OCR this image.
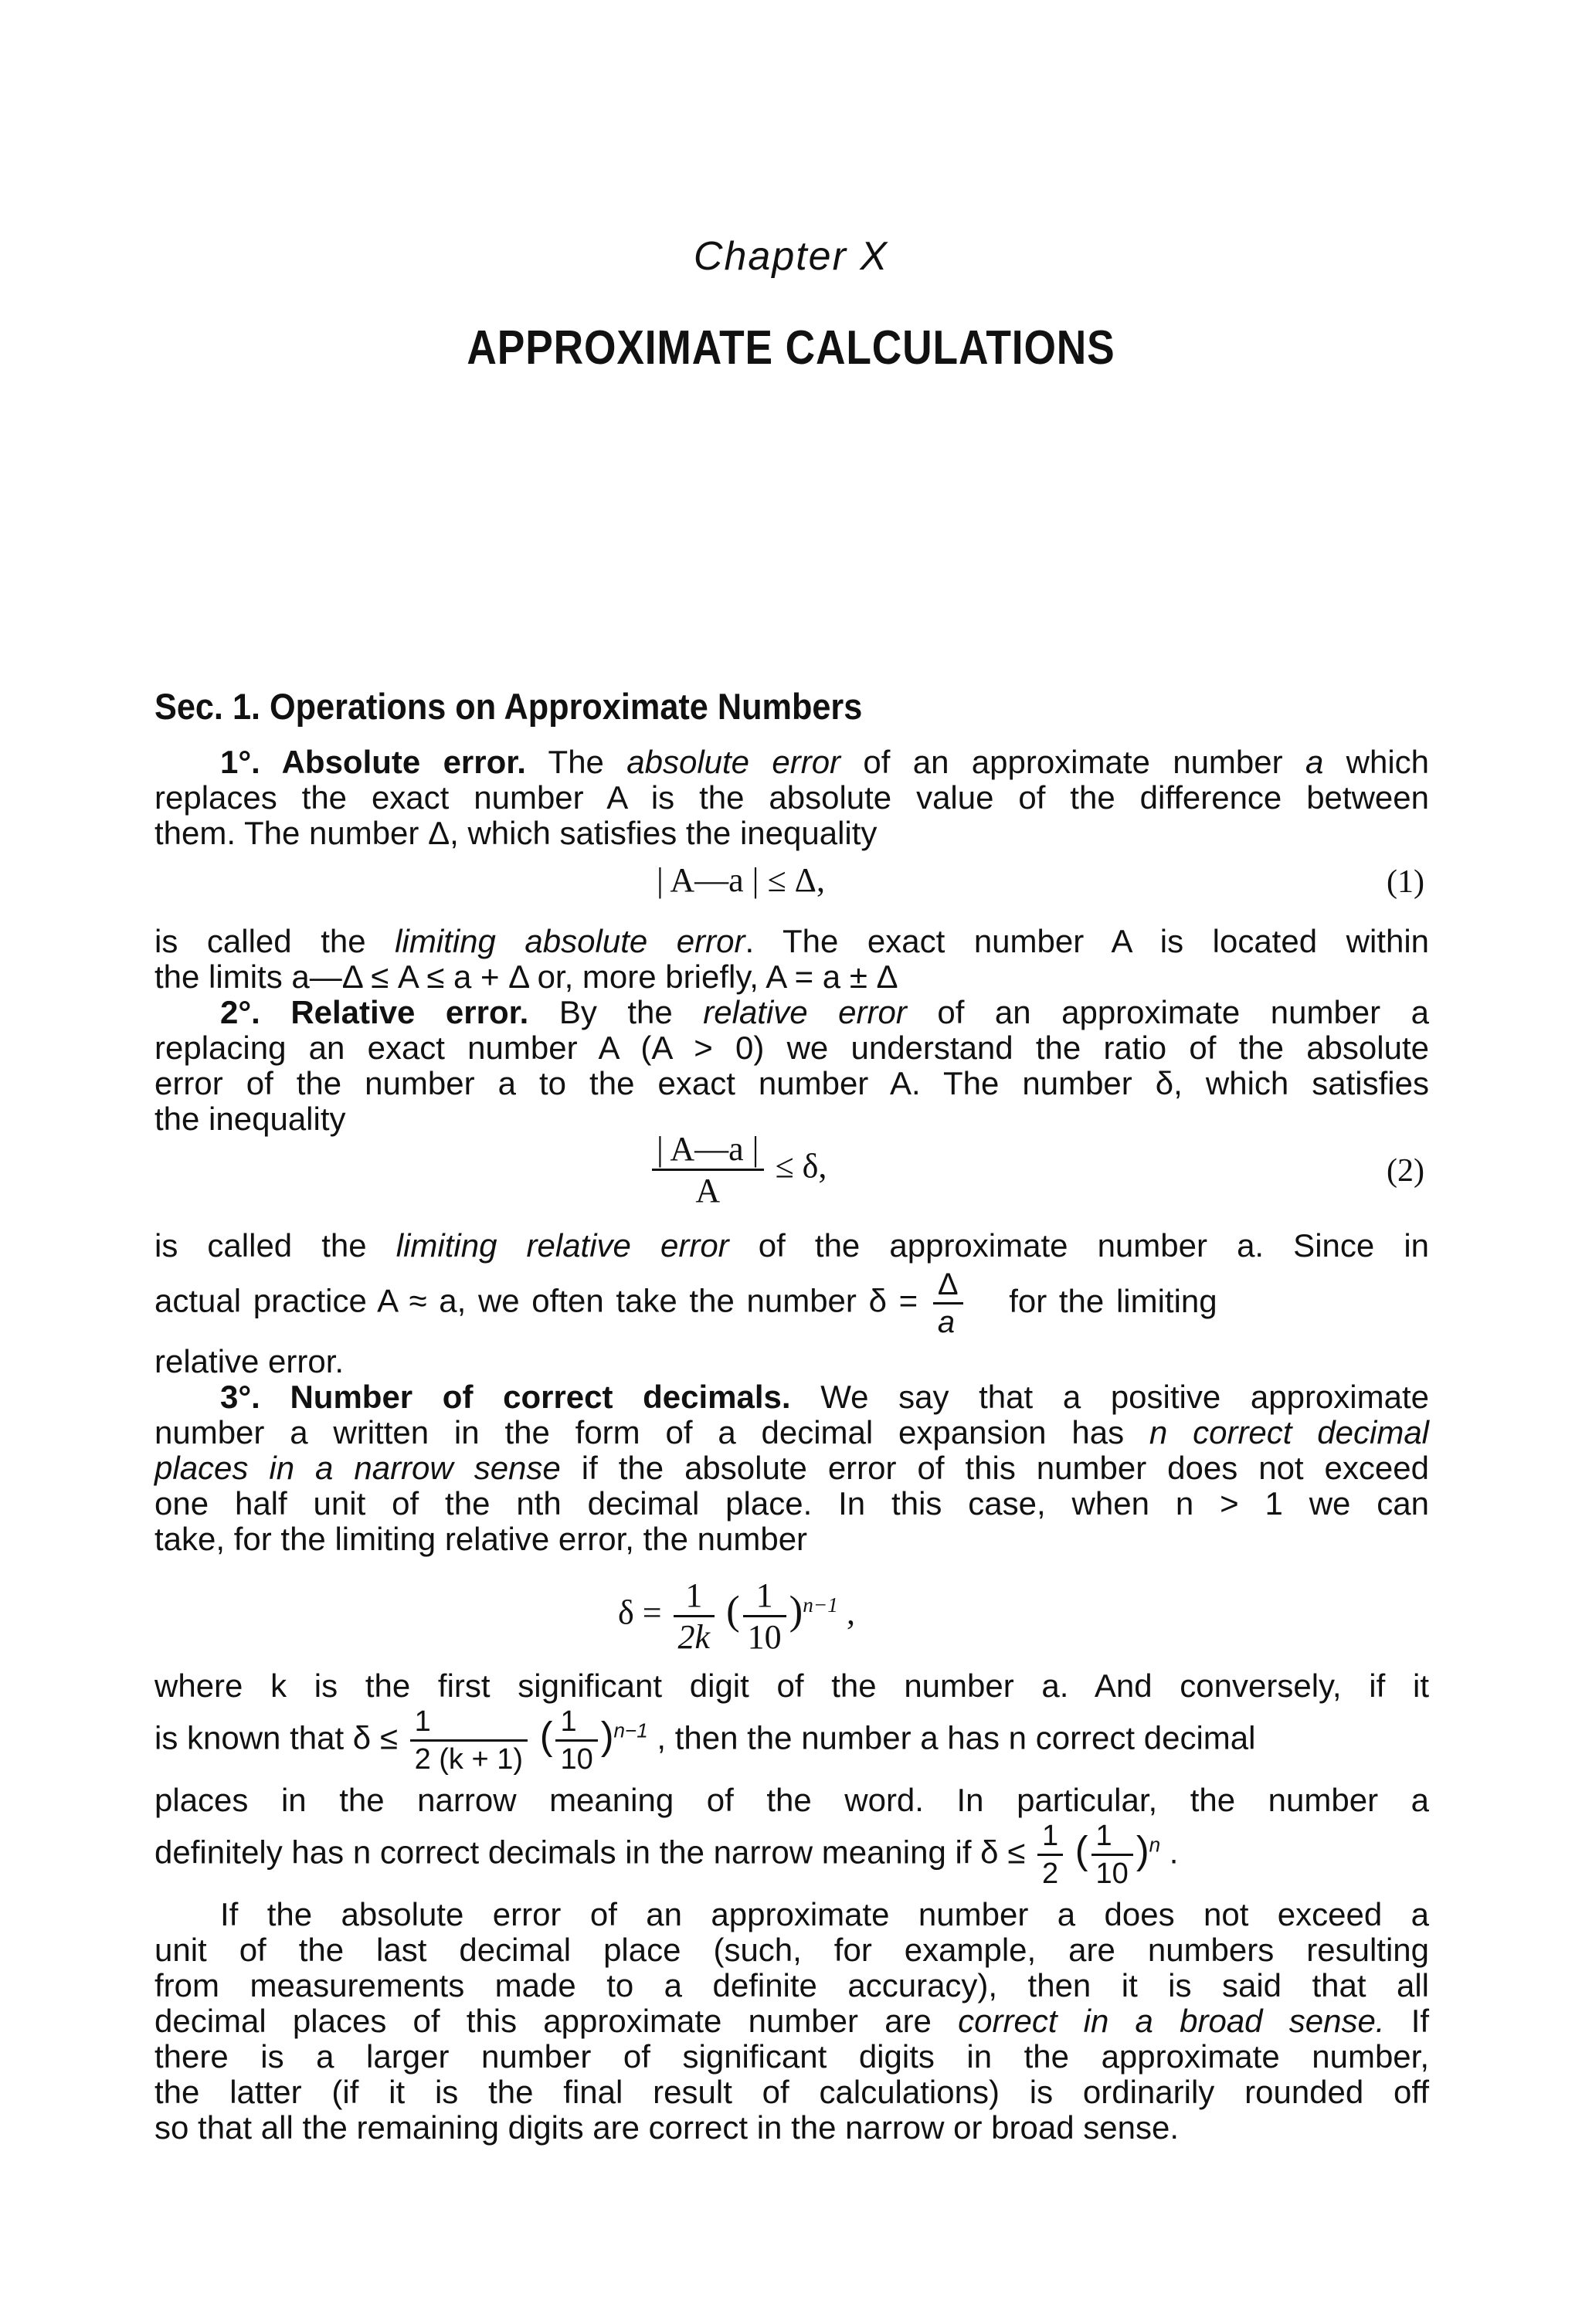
Chapter X
APPROXIMATE CALCULATIONS
Sec. 1. Operations on Approximate Numbers
1°. Absolute error. The absolute error of an approximate number a which
replaces the exact number A is the absolute value of the difference between
them. The number Δ, which satisfies the inequality
| A—a | ≤ Δ,	(1)
is called the limiting absolute error. The exact number A is located within
the limits a—Δ ≤ A ≤ a + Δ or, more briefly, A = a ± Δ
2°. Relative error. By the relative error of an approximate number a
replacing an exact number A (A > 0) we understand the ratio of the absolute
error of the number a to the exact number A. The number δ, which satisfies
the inequality
$\frac{| A—a |}{A} \le \delta$,	(2)
is called the limiting relative error of the approximate number a. Since in
actual practice A ≈ a, we often take the number $\delta = \frac{\Delta}{a}$ for the limiting
relative error.
3°. Number of correct decimals. We say that a positive approximate
number a written in the form of a decimal expansion has n correct decimal
places in a narrow sense if the absolute error of this number does not exceed
one half unit of the nth decimal place. In this case, when n > 1 we can
take, for the limiting relative error, the number
$\delta = \frac{1}{2k}$ ( $\frac{1}{10} )^{n-1}$ ,
where k is the first significant digit of the number a. And conversely, if it
is known that $\delta \le \frac{1}{2 (k + 1)}$ ( $\frac{1}{10} )^{n-1}$ , then the number a has n correct decimal
places in the narrow meaning of the word. In particular, the number a
definitely has n correct decimals in the narrow meaning if $\delta \le \frac{1}{2}$ ( $\frac{1}{10} )^n$ .
If the absolute error of an approximate number a does not exceed a
unit of the last decimal place (such, for example, are numbers resulting
from measurements made to a definite accuracy), then it is said that all
decimal places of this approximate number are correct in a broad sense. If
there is a larger number of significant digits in the approximate number,
the latter (if it is the final result of calculations) is ordinarily rounded off
so that all the remaining digits are correct in the narrow or broad sense.
